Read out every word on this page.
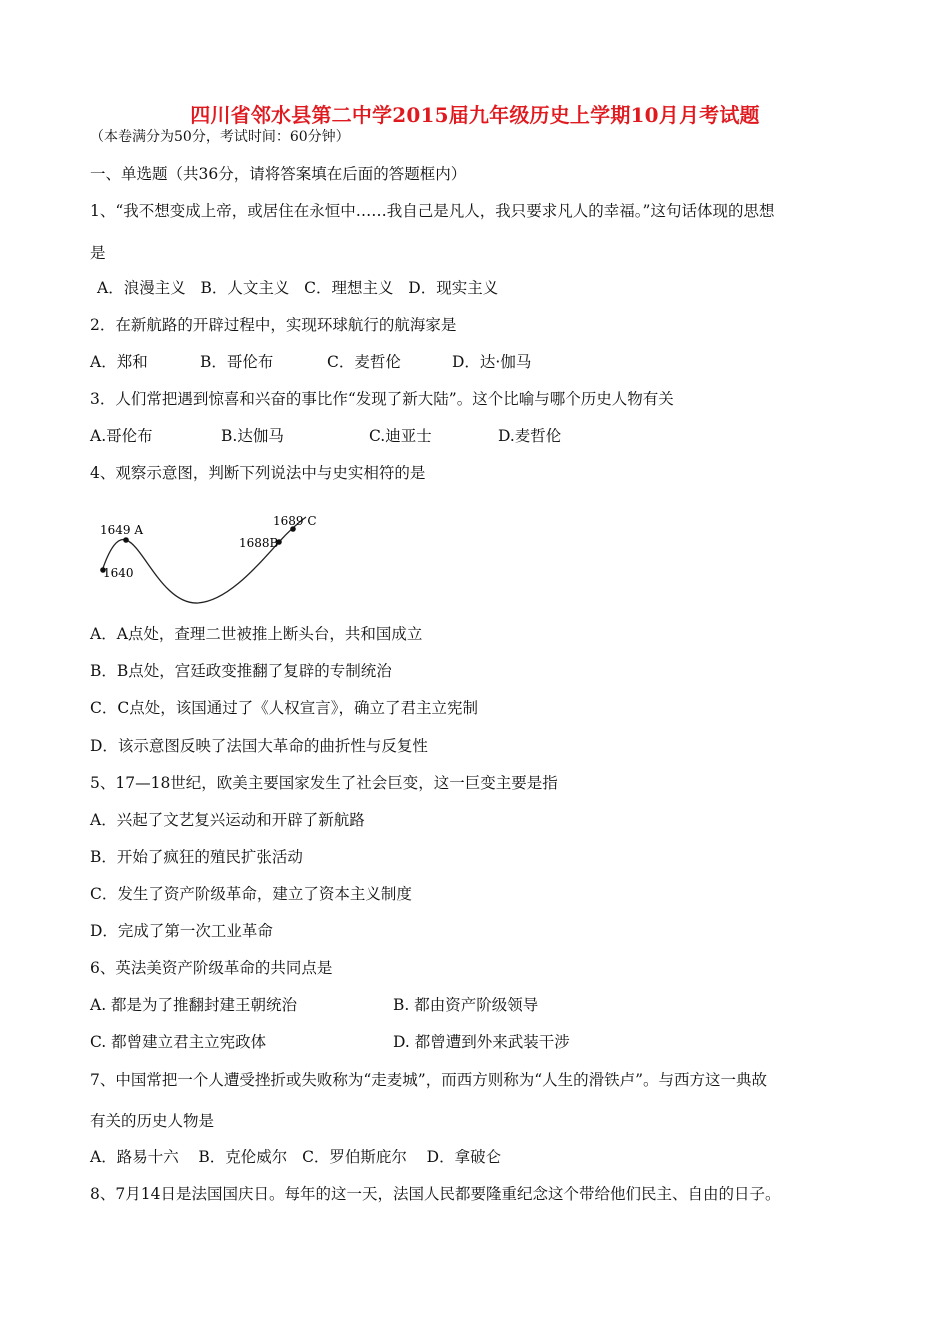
四川省邻水县第二中学2015届九年级历史上学期10月月考试题
（本卷满分为50分，考试时间：60分钟）
一、单选题（共36分，请将答案填在后面的答题框内）
1、“我不想变成上帝，或居住在永恒中……我自己是凡人，我只要求凡人的幸福。”这句话体现的思想
是
A．浪漫主义   B．人文主义   C．理想主义   D．现实主义
2．在新航路的开辟过程中，实现环球航行的航海家是
A．郑和	B．哥伦布	C．麦哲伦	D．达·伽马
3．人们常把遇到惊喜和兴奋的事比作“发现了新大陆”。这个比喻与哪个历史人物有关
A.哥伦布	B.达伽马	C.迪亚士	D.麦哲伦
4、观察示意图，判断下列说法中与史实相符的是
1640
1649 A
1688B
1689 C
A．A点处，查理二世被推上断头台，共和国成立
B．B点处，宫廷政变推翻了复辟的专制统治
C．C点处，该国通过了《人权宣言》，确立了君主立宪制
D．该示意图反映了法国大革命的曲折性与反复性
5、17—18世纪，欧美主要国家发生了社会巨变，这一巨变主要是指
A．兴起了文艺复兴运动和开辟了新航路
B．开始了疯狂的殖民扩张活动
C．发生了资产阶级革命，建立了资本主义制度
D．完成了第一次工业革命
6、英法美资产阶级革命的共同点是
A. 都是为了推翻封建王朝统治	B. 都由资产阶级领导
C. 都曾建立君主立宪政体	D. 都曾遭到外来武装干涉
7、中国常把一个人遭受挫折或失败称为“走麦城”，而西方则称为“人生的滑铁卢”。与西方这一典故
有关的历史人物是
A．路易十六    B．克伦威尔   C．罗伯斯庇尔    D．拿破仑
8、7月14日是法国国庆日。每年的这一天，法国人民都要隆重纪念这个带给他们民主、自由的日子。
